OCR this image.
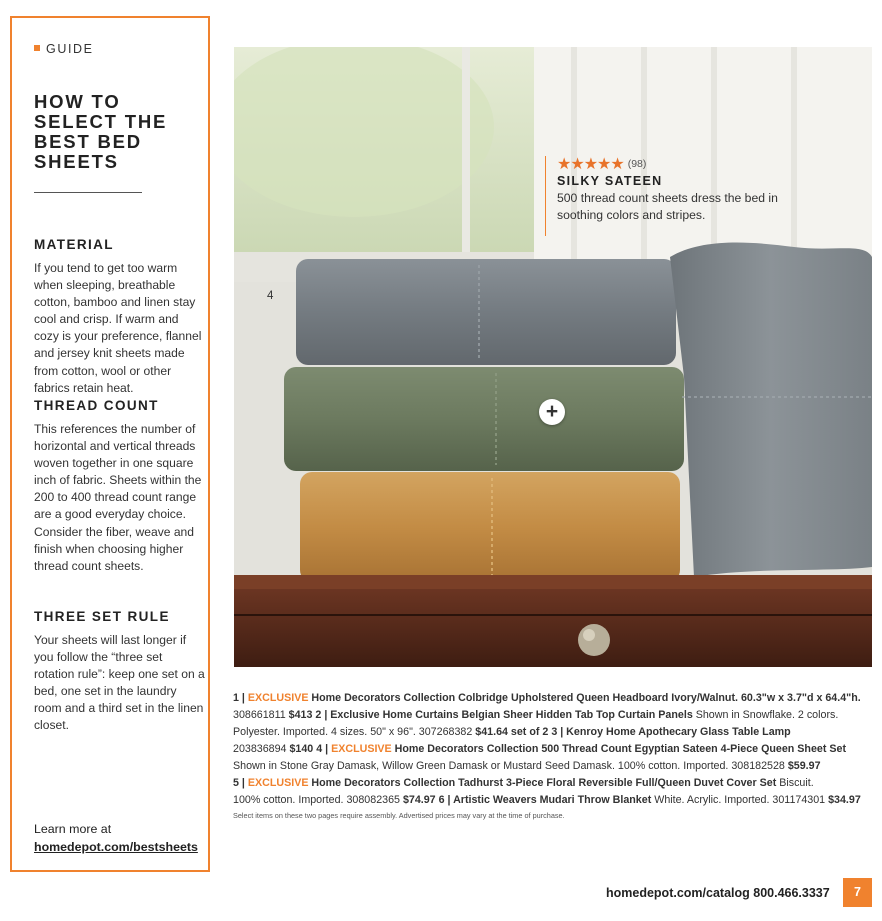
GUIDE
HOW TO SELECT THE BEST BED SHEETS
MATERIAL

If you tend to get too warm when sleeping, breathable cotton, bamboo and linen stay cool and crisp. If warm and cozy is your preference, flannel and jersey knit sheets made from cotton, wool or other fabrics retain heat.

THREAD COUNT

This references the number of horizontal and vertical threads woven together in one square inch of fabric. Sheets within the 200 to 400 thread count range are a good everyday choice. Consider the fiber, weave and finish when choosing higher thread count sheets.

THREE SET RULE

Your sheets will last longer if you follow the “three set rotation rule”: keep one set on a bed, one set in the laundry room and a third set in the linen closet.

Learn more at
homedepot.com/bestsheets
★★★★★ (98)
SILKY SATEEN
500 thread count sheets dress the bed in soothing colors and stripes.
4
+

1 | EXCLUSIVE Home Decorators Collection Colbridge Upholstered Queen Headboard Ivory/Walnut. 60.3"w x 3.7"d x 64.4"h.

308661811 $413 2 | Exclusive Home Curtains Belgian Sheer Hidden Tab Top Curtain Panels Shown in Snowflake. 2 colors.

Polyester. Imported. 4 sizes. 50" x 96". 307268382 $41.64 set of 2 3 | Kenroy Home Apothecary Glass Table Lamp

203836894 $140 4 | EXCLUSIVE Home Decorators Collection 500 Thread Count Egyptian Sateen 4-Piece Queen Sheet Set

Shown in Stone Gray Damask, Willow Green Damask or Mustard Seed Damask. 100% cotton. Imported. 308182528 $59.97

5 | EXCLUSIVE Home Decorators Collection Tadhurst 3-Piece Floral Reversible Full/Queen Duvet Cover Set Biscuit.

100% cotton. Imported. 308082365 $74.97 6 | Artistic Weavers Mudari Throw Blanket White. Acrylic. Imported. 301174301 $34.97

Select items on these two pages require assembly. Advertised prices may vary at the time of purchase.
homedepot.com/catalog 800.466.3337	7
